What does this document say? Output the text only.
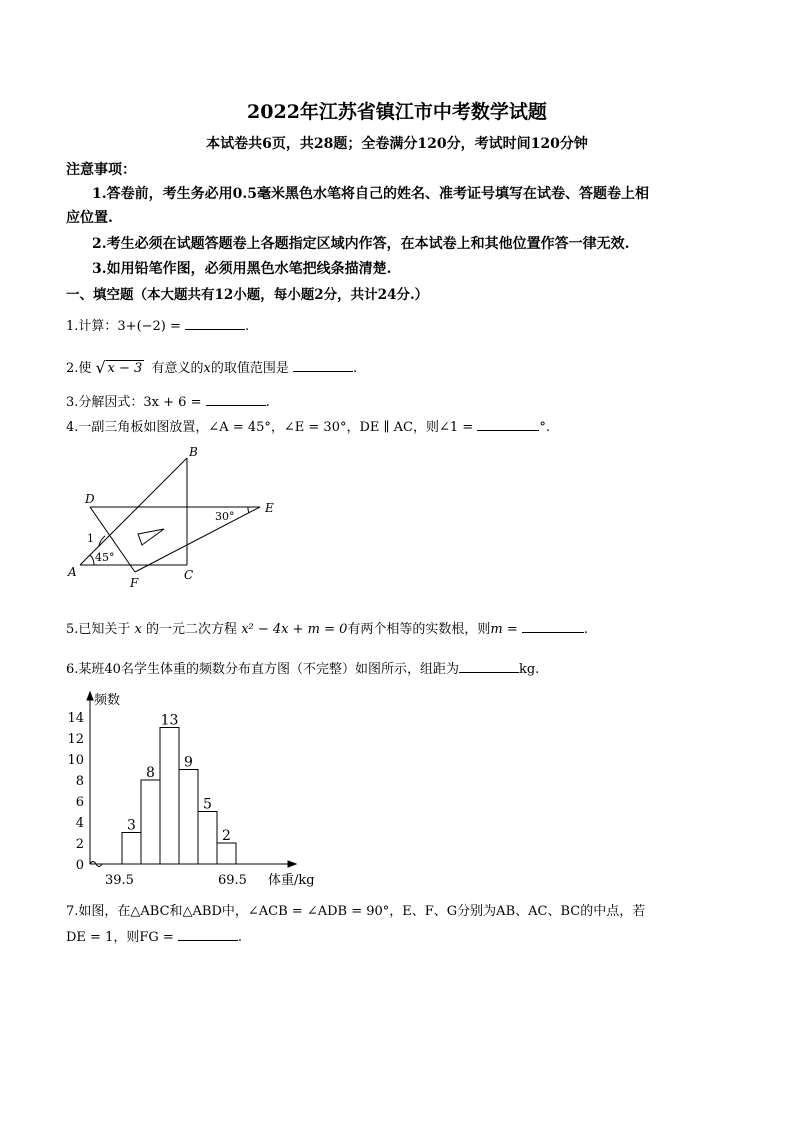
2022年江苏省镇江市中考数学试题
本试卷共6页，共28题；全卷满分120分，考试时间120分钟
注意事项：
1.答卷前，考生务必用0.5毫米黑色水笔将自己的姓名、准考证号填写在试卷、答题卷上相
应位置.
2.考生必须在试题答题卷上各题指定区域内作答，在本试卷上和其他位置作答一律无效.
3.如用铅笔作图，必须用黑色水笔把线条描清楚.
一、填空题（本大题共有12小题，每小题2分，共计24分.）
1.计算：3+(−2) =	.
2.使 √ x − 3 有意义的x的取值范围是	.
3.分解因式：3x + 6 =	.
4.一副三角板如图放置，∠A = 45°，∠E = 30°，DE ∥ AC，则∠1 =	°.
B
C
A
D
E
F
1
45°
30°
5.已知关于 x 的一元二次方程 x² − 4x + m = 0有两个相等的实数根，则m =	.
6.某班40名学生体重的频数分布直方图（不完整）如图所示，组距为	kg.
0
2
4
6
8
10
12
14
3
8
13
9
5
2
频数
体重/kg
39.5	69.5
7.如图，在△ABC和△ABD中，∠ACB = ∠ADB = 90°，E、F、G分别为AB、AC、BC的中点，若
DE = 1，则FG =	.
